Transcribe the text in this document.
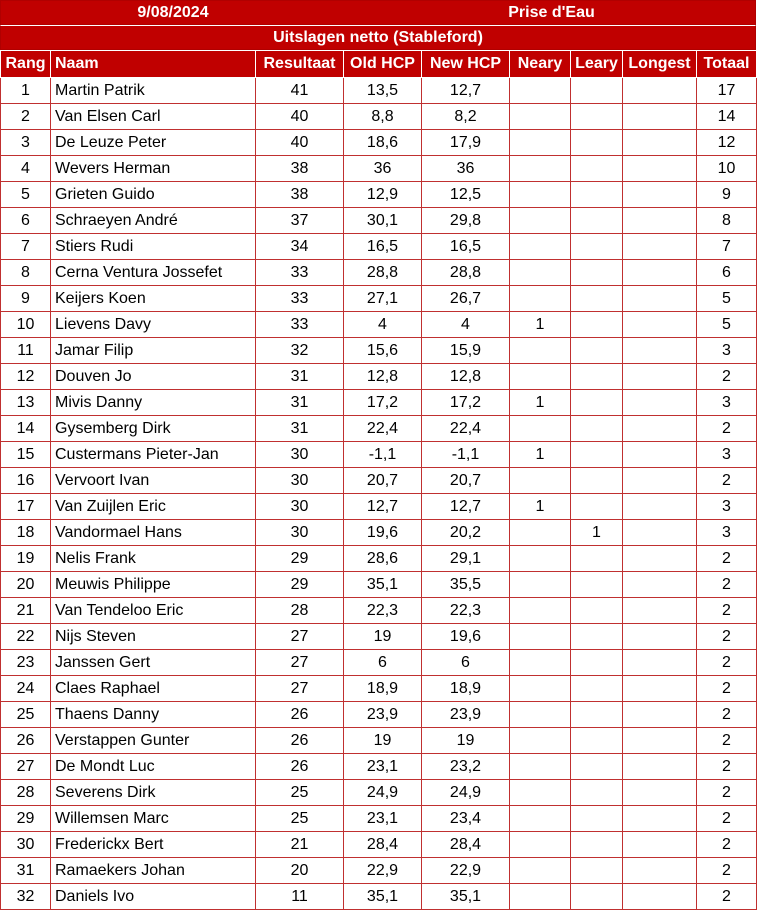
9/08/2024	Prise d'Eau
Uitslagen netto (Stableford)
Rang	Naam	Resultaat	Old HCP	New HCP	Neary	Leary	Longest	Totaal
1	Martin Patrik	41	13,5	12,7				17
2	Van Elsen Carl	40	8,8	8,2				14
3	De Leuze Peter	40	18,6	17,9				12
4	Wevers Herman	38	36	36				10
5	Grieten Guido	38	12,9	12,5				9
6	Schraeyen André	37	30,1	29,8				8
7	Stiers Rudi	34	16,5	16,5				7
8	Cerna Ventura Jossefet	33	28,8	28,8				6
9	Keijers Koen	33	27,1	26,7				5
10	Lievens Davy	33	4	4	1			5
11	Jamar Filip	32	15,6	15,9				3
12	Douven Jo	31	12,8	12,8				2
13	Mivis Danny	31	17,2	17,2	1			3
14	Gysemberg Dirk	31	22,4	22,4				2
15	Custermans Pieter-Jan	30	-1,1	-1,1	1			3
16	Vervoort Ivan	30	20,7	20,7				2
17	Van Zuijlen Eric	30	12,7	12,7	1			3
18	Vandormael Hans	30	19,6	20,2		1		3
19	Nelis Frank	29	28,6	29,1				2
20	Meuwis Philippe	29	35,1	35,5				2
21	Van Tendeloo Eric	28	22,3	22,3				2
22	Nijs Steven	27	19	19,6				2
23	Janssen Gert	27	6	6				2
24	Claes Raphael	27	18,9	18,9				2
25	Thaens Danny	26	23,9	23,9				2
26	Verstappen Gunter	26	19	19				2
27	De Mondt Luc	26	23,1	23,2				2
28	Severens Dirk	25	24,9	24,9				2
29	Willemsen Marc	25	23,1	23,4				2
30	Frederickx Bert	21	28,4	28,4				2
31	Ramaekers Johan	20	22,9	22,9				2
32	Daniels Ivo	11	35,1	35,1				2
